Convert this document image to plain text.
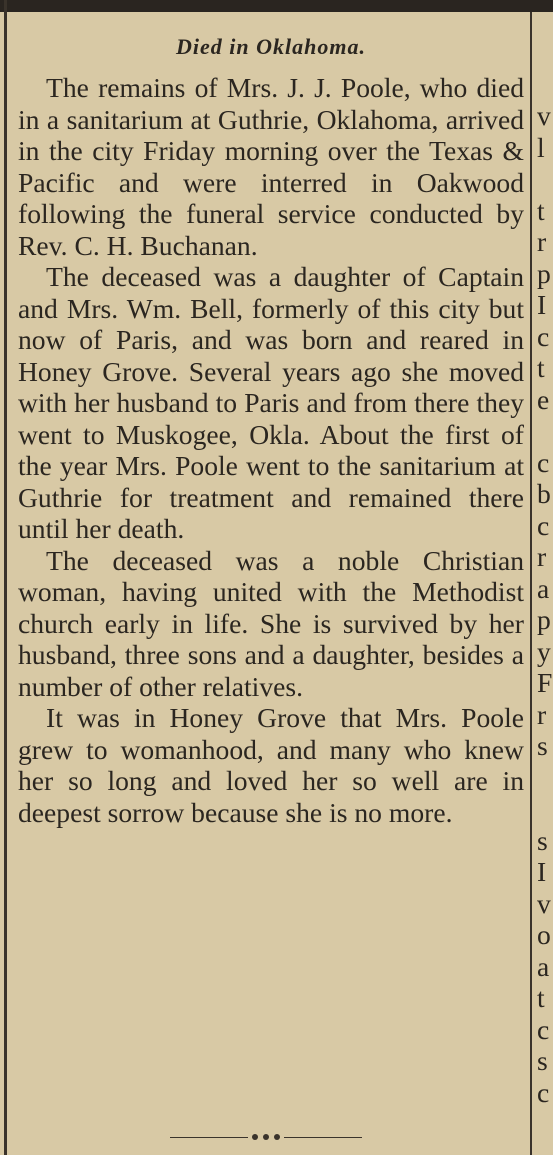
Died in Oklahoma.

The remains of Mrs. J. J. Poole, who died in a sanitarium at Guthrie, Oklahoma, arrived in the city Friday morning over the Texas & Pacific and were interred in Oakwood following the funeral service conducted by Rev. C. H. Buchanan.

The deceased was a daughter of Captain and Mrs. Wm. Bell, formerly of this city but now of Paris, and was born and reared in Honey Grove. Several years ago she moved with her husband to Paris and from there they went to Muskogee, Okla. About the first of the year Mrs. Poole went to the sanitarium at Guthrie for treatment and remained there until her death.

The deceased was a noble Christian woman, having united with the Methodist church early in life. She is survived by her husband, three sons and a daughter, besides a number of other relatives.

It was in Honey Grove that Mrs. Poole grew to womanhood, and many who knew her so long and loved her so well are in deepest sorrow because she is no more.

v
l
t
r
p
I
c
t
e
c
b
c
r
a
p
y
F
r
s
s
I
v
o
a
t
c
s
c
